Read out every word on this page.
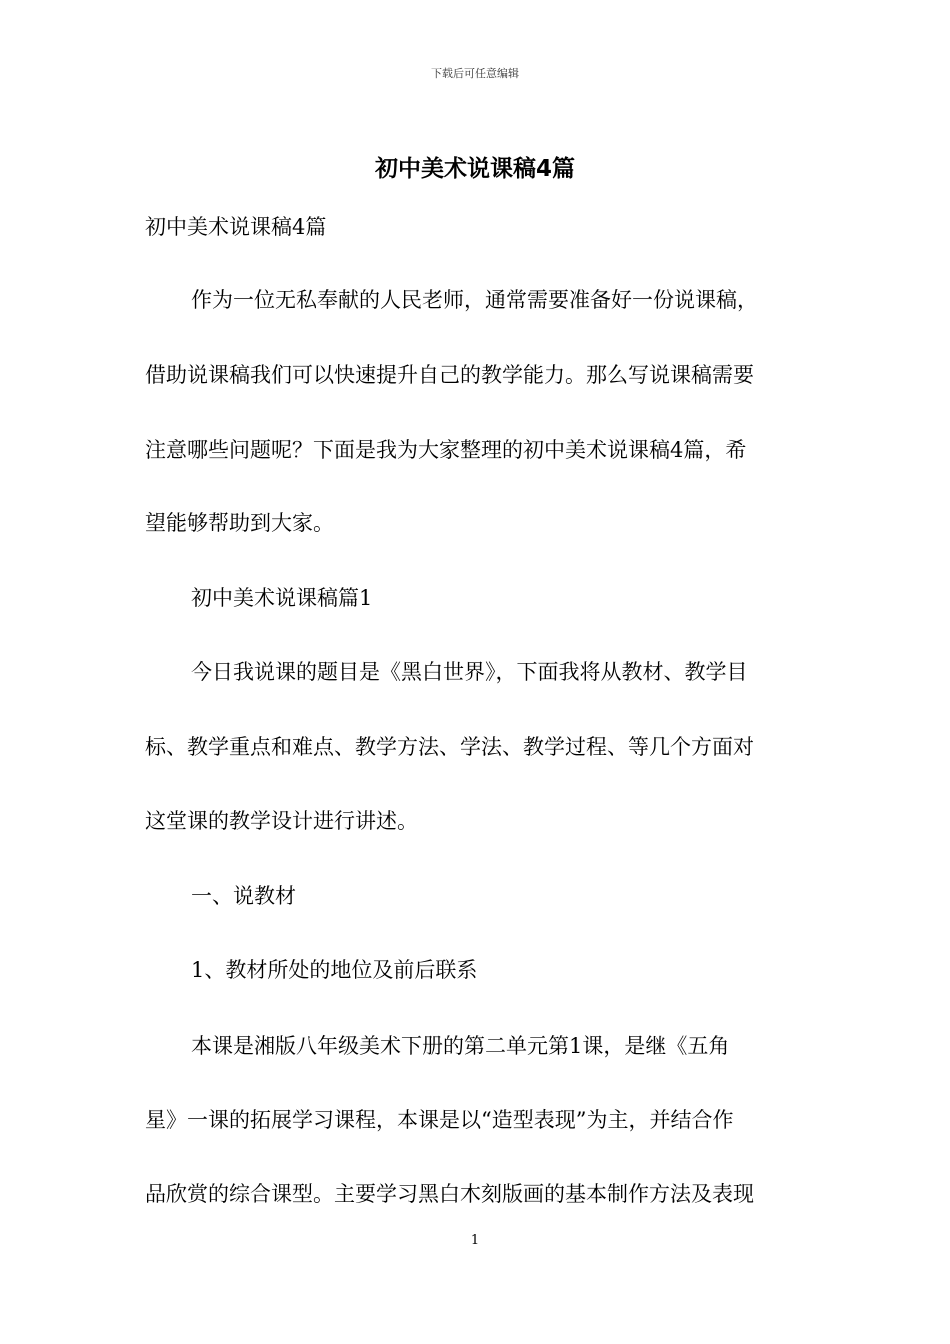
下载后可任意编辑
初中美术说课稿4篇

初中美术说课稿4篇

作为一位无私奉献的人民老师，通常需要准备好一份说课稿，

借助说课稿我们可以快速提升自己的教学能力。那么写说课稿需要

注意哪些问题呢？下面是我为大家整理的初中美术说课稿4篇，希

望能够帮助到大家。

初中美术说课稿篇1

今日我说课的题目是《黑白世界》，下面我将从教材、教学目

标、教学重点和难点、教学方法、学法、教学过程、等几个方面对

这堂课的教学设计进行讲述。

一、说教材

1、教材所处的地位及前后联系

本课是湘版八年级美术下册的第二单元第1课，是继《五角

星》一课的拓展学习课程，本课是以“造型表现”为主，并结合作

品欣赏的综合课型。主要学习黑白木刻版画的基本制作方法及表现

1
